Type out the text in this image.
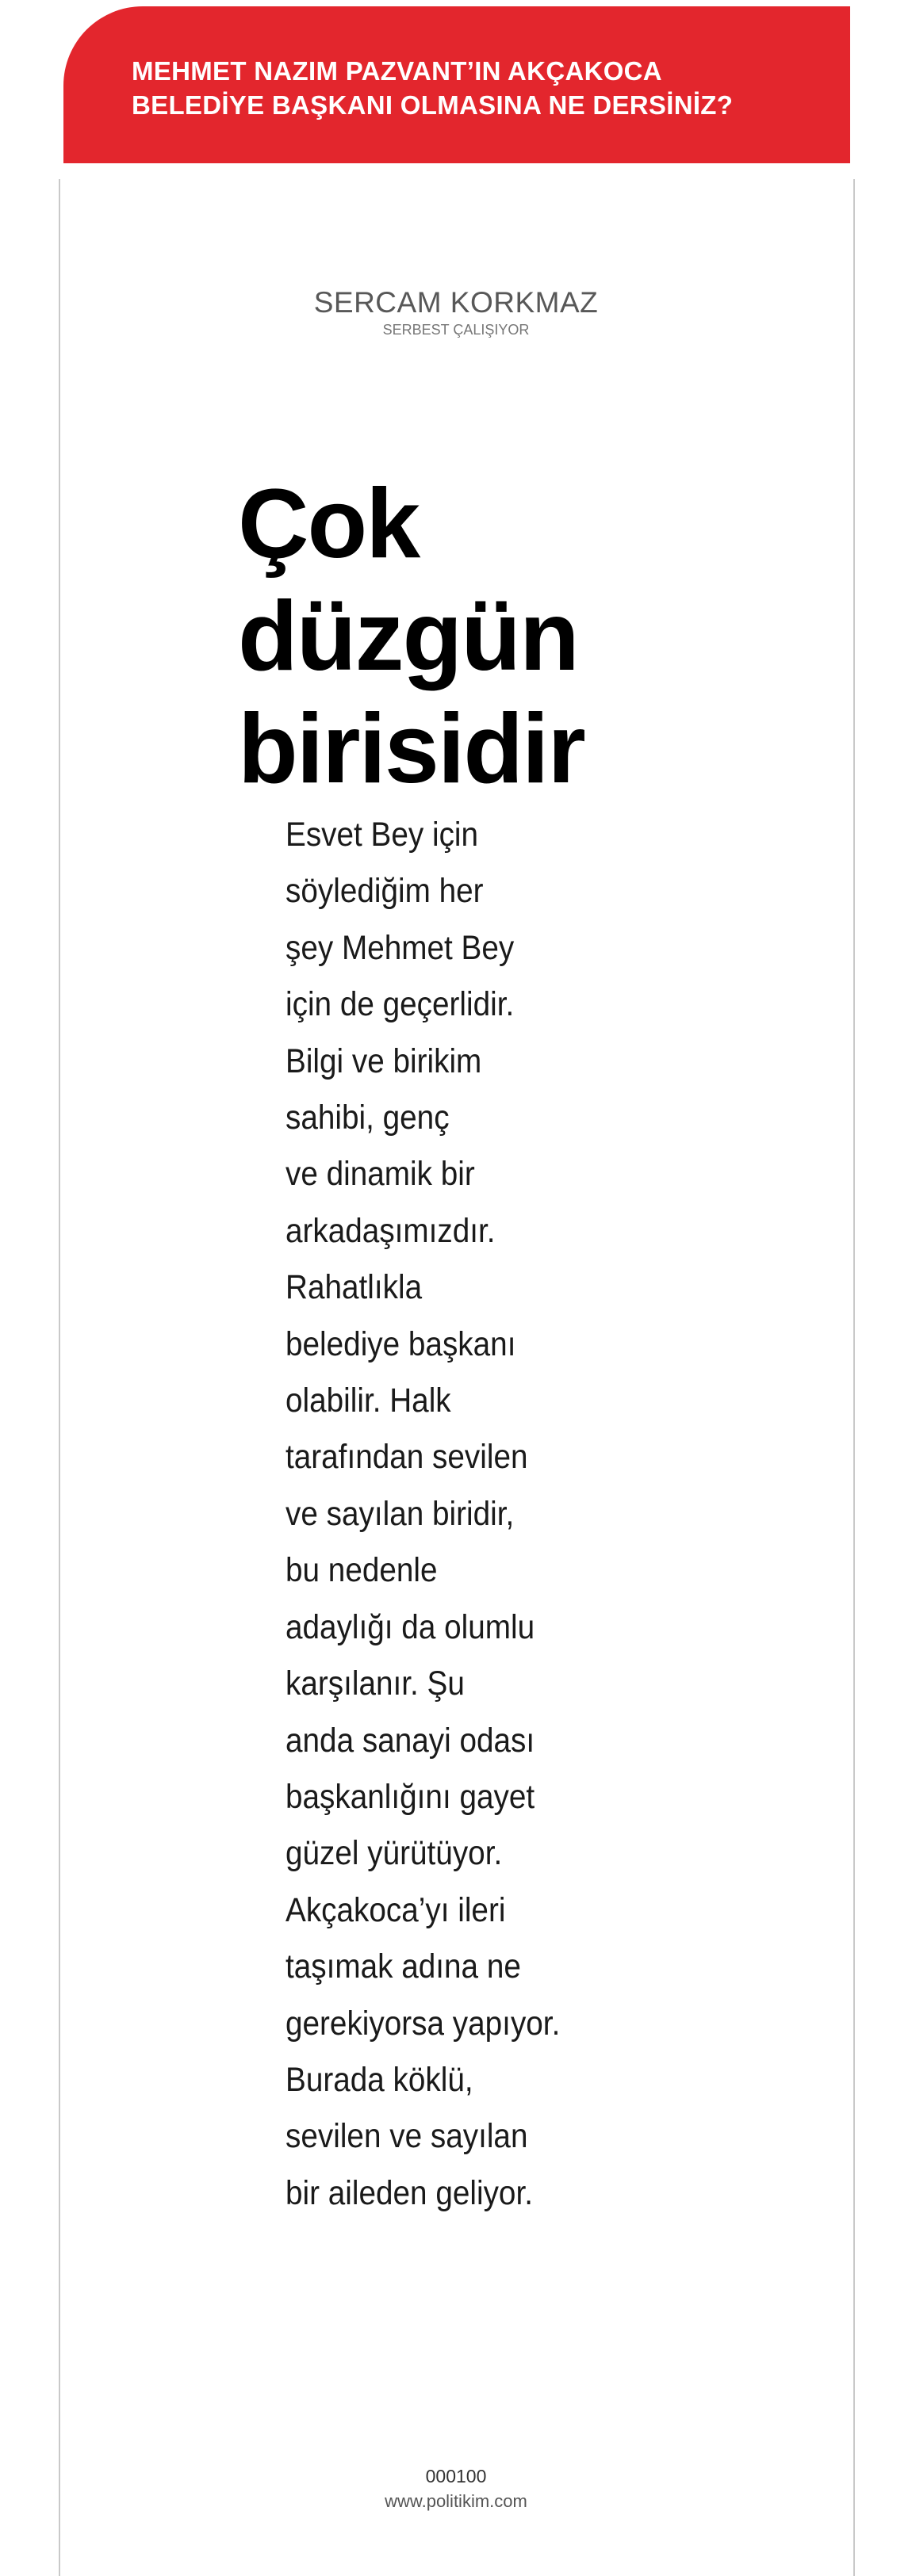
MEHMET NAZIM PAZVANT’IN AKÇAKOCA

BELEDİYE BAŞKANI OLMASINA NE DERSİNİZ?

SERCAM KORKMAZ
SERBEST ÇALIŞIYOR
Çok
düzgün
birisidir
Esvet Bey için
söylediğim her
şey Mehmet Bey
için de geçerlidir.
Bilgi ve birikim
sahibi, genç
ve dinamik bir
arkadaşımızdır.
Rahatlıkla
belediye başkanı
olabilir. Halk
tarafından sevilen
ve sayılan biridir,
bu nedenle
adaylığı da olumlu
karşılanır. Şu
anda sanayi odası
başkanlığını gayet
güzel yürütüyor.
Akçakoca’yı ileri
taşımak adına ne
gerekiyorsa yapıyor.
Burada köklü,
sevilen ve sayılan
bir aileden geliyor.
000100
www.politikim.com
